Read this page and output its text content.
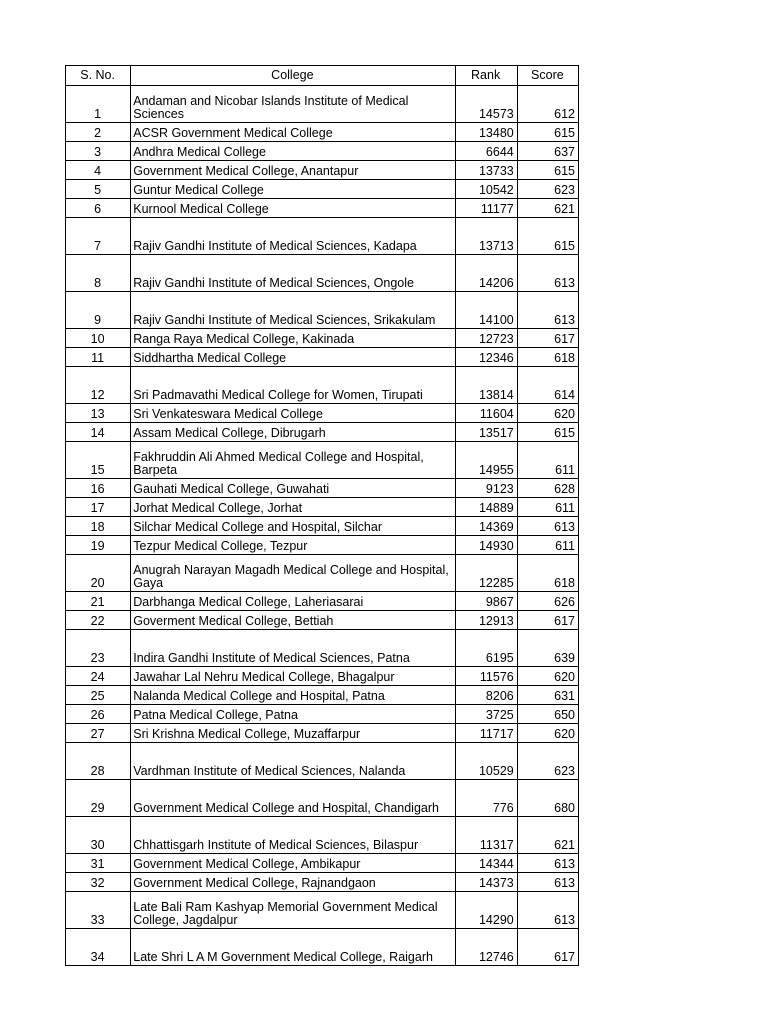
S. No.	College	Rank	Score
1	Andaman and Nicobar Islands Institute of Medical Sciences	14573	612
2	ACSR Government Medical College	13480	615
3	Andhra Medical College	6644	637
4	Government Medical College, Anantapur	13733	615
5	Guntur Medical College	10542	623
6	Kurnool Medical College	11177	621
7	Rajiv Gandhi Institute of Medical Sciences, Kadapa	13713	615
8	Rajiv Gandhi Institute of Medical Sciences, Ongole	14206	613
9	Rajiv Gandhi Institute of Medical Sciences, Srikakulam	14100	613
10	Ranga Raya Medical College, Kakinada	12723	617
11	Siddhartha Medical College	12346	618
12	Sri Padmavathi Medical College for Women, Tirupati	13814	614
13	Sri Venkateswara Medical College	11604	620
14	Assam Medical College, Dibrugarh	13517	615
15	Fakhruddin Ali Ahmed Medical College and Hospital, Barpeta	14955	611
16	Gauhati Medical College, Guwahati	9123	628
17	Jorhat Medical College, Jorhat	14889	611
18	Silchar Medical College and Hospital, Silchar	14369	613
19	Tezpur Medical College, Tezpur	14930	611
20	Anugrah Narayan Magadh Medical College and Hospital, Gaya	12285	618
21	Darbhanga Medical College, Laheriasarai	9867	626
22	Goverment Medical College, Bettiah	12913	617
23	Indira Gandhi Institute of Medical Sciences, Patna	6195	639
24	Jawahar Lal Nehru Medical College, Bhagalpur	11576	620
25	Nalanda Medical College and Hospital, Patna	8206	631
26	Patna Medical College, Patna	3725	650
27	Sri Krishna Medical College, Muzaffarpur	11717	620
28	Vardhman Institute of Medical Sciences, Nalanda	10529	623
29	Government Medical College and Hospital, Chandigarh	776	680
30	Chhattisgarh Institute of Medical Sciences, Bilaspur	11317	621
31	Government Medical College, Ambikapur	14344	613
32	Government Medical College, Rajnandgaon	14373	613
33	Late Bali Ram Kashyap Memorial Government Medical College, Jagdalpur	14290	613
34	Late Shri L A M Government Medical College, Raigarh	12746	617
